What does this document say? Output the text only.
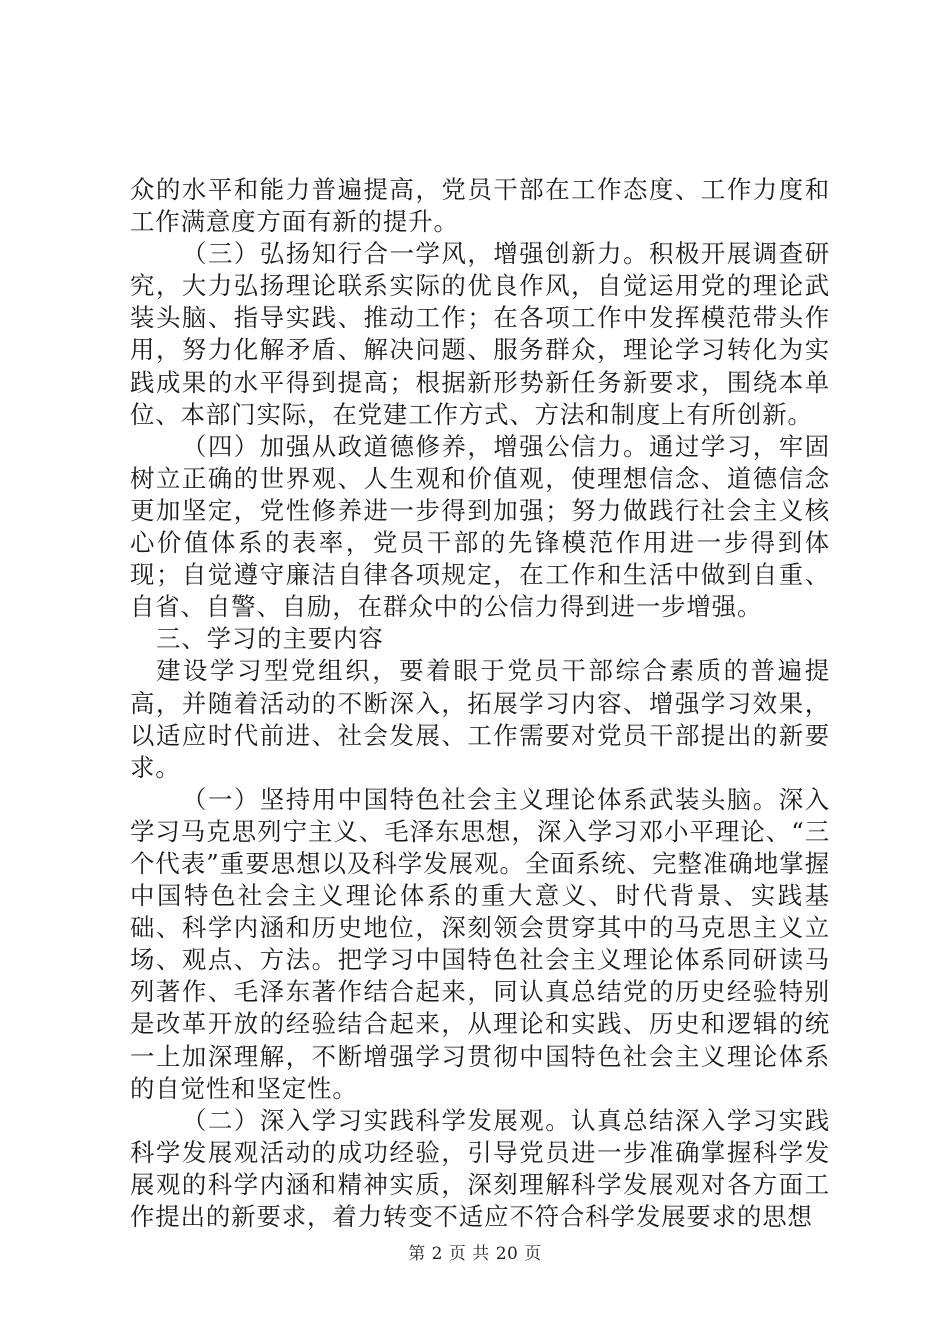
众的水平和能力普遍提高，党员干部在工作态度、工作力度和工作满意度方面有新的提升。

（三）弘扬知行合一学风，增强创新力。积极开展调查研究，大力弘扬理论联系实际的优良作风，自觉运用党的理论武装头脑、指导实践、推动工作；在各项工作中发挥模范带头作用，努力化解矛盾、解决问题、服务群众，理论学习转化为实践成果的水平得到提高；根据新形势新任务新要求，围绕本单位、本部门实际，在党建工作方式、方法和制度上有所创新。

（四）加强从政道德修养，增强公信力。通过学习，牢固树立正确的世界观、人生观和价值观，使理想信念、道德信念更加坚定，党性修养进一步得到加强；努力做践行社会主义核心价值体系的表率，党员干部的先锋模范作用进一步得到体现；自觉遵守廉洁自律各项规定，在工作和生活中做到自重、自省、自警、自励，在群众中的公信力得到进一步增强。

三、学习的主要内容

建设学习型党组织，要着眼于党员干部综合素质的普遍提高，并随着活动的不断深入，拓展学习内容、增强学习效果，以适应时代前进、社会发展、工作需要对党员干部提出的新要求。

（一）坚持用中国特色社会主义理论体系武装头脑。深入学习马克思列宁主义、毛泽东思想，深入学习邓小平理论、“三个代表”重要思想以及科学发展观。全面系统、完整准确地掌握中国特色社会主义理论体系的重大意义、时代背景、实践基础、科学内涵和历史地位，深刻领会贯穿其中的马克思主义立场、观点、方法。把学习中国特色社会主义理论体系同研读马列著作、毛泽东著作结合起来，同认真总结党的历史经验特别是改革开放的经验结合起来，从理论和实践、历史和逻辑的统一上加深理解，不断增强学习贯彻中国特色社会主义理论体系的自觉性和坚定性。

（二）深入学习实践科学发展观。认真总结深入学习实践科学发展观活动的成功经验，引导党员进一步准确掌握科学发展观的科学内涵和精神实质，深刻理解科学发展观对各方面工作提出的新要求，着力转变不适应不符合科学发展要求的思想

第 2 页 共 20 页
